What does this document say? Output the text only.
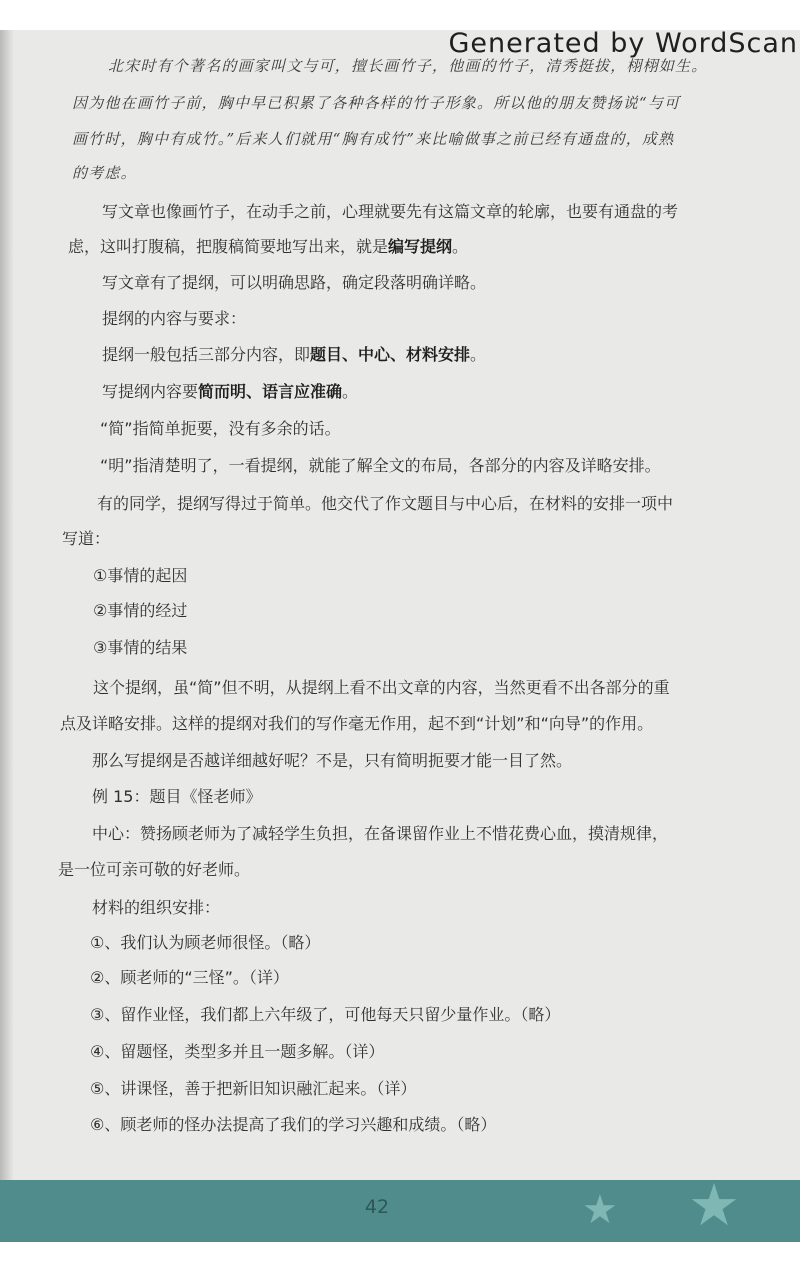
北宋时有个著名的画家叫文与可，擅长画竹子，他画的竹子，清秀挺拔，栩栩如生。
因为他在画竹子前，胸中早已积累了各种各样的竹子形象。所以他的朋友赞扬说“与可
画竹时，胸中有成竹。”后来人们就用“胸有成竹”来比喻做事之前已经有通盘的，成熟
的考虑。
写文章也像画竹子，在动手之前，心理就要先有这篇文章的轮廓，也要有通盘的考
虑，这叫打腹稿，把腹稿简要地写出来，就是编写提纲。
写文章有了提纲，可以明确思路，确定段落明确详略。
提纲的内容与要求：
提纲一般包括三部分内容，即题目、中心、材料安排。
写提纲内容要简而明、语言应准确。
“简”指简单扼要，没有多余的话。
“明”指清楚明了，一看提纲，就能了解全文的布局，各部分的内容及详略安排。
有的同学，提纲写得过于简单。他交代了作文题目与中心后，在材料的安排一项中
写道：
①事情的起因
②事情的经过
③事情的结果
这个提纲，虽“简”但不明，从提纲上看不出文章的内容，当然更看不出各部分的重
点及详略安排。这样的提纲对我们的写作毫无作用，起不到“计划”和“向导”的作用。
那么写提纲是否越详细越好呢？不是，只有简明扼要才能一目了然。
例 15：题目《怪老师》
中心：赞扬顾老师为了减轻学生负担，在备课留作业上不惜花费心血，摸清规律，
是一位可亲可敬的好老师。
材料的组织安排：
①、我们认为顾老师很怪。（略）
②、顾老师的“三怪”。（详）
③、留作业怪，我们都上六年级了，可他每天只留少量作业。（略）
④、留题怪，类型多并且一题多解。（详）
⑤、讲课怪，善于把新旧知识融汇起来。（详）
⑥、顾老师的怪办法提高了我们的学习兴趣和成绩。（略）
42	★ ★
Generated by WordScan
